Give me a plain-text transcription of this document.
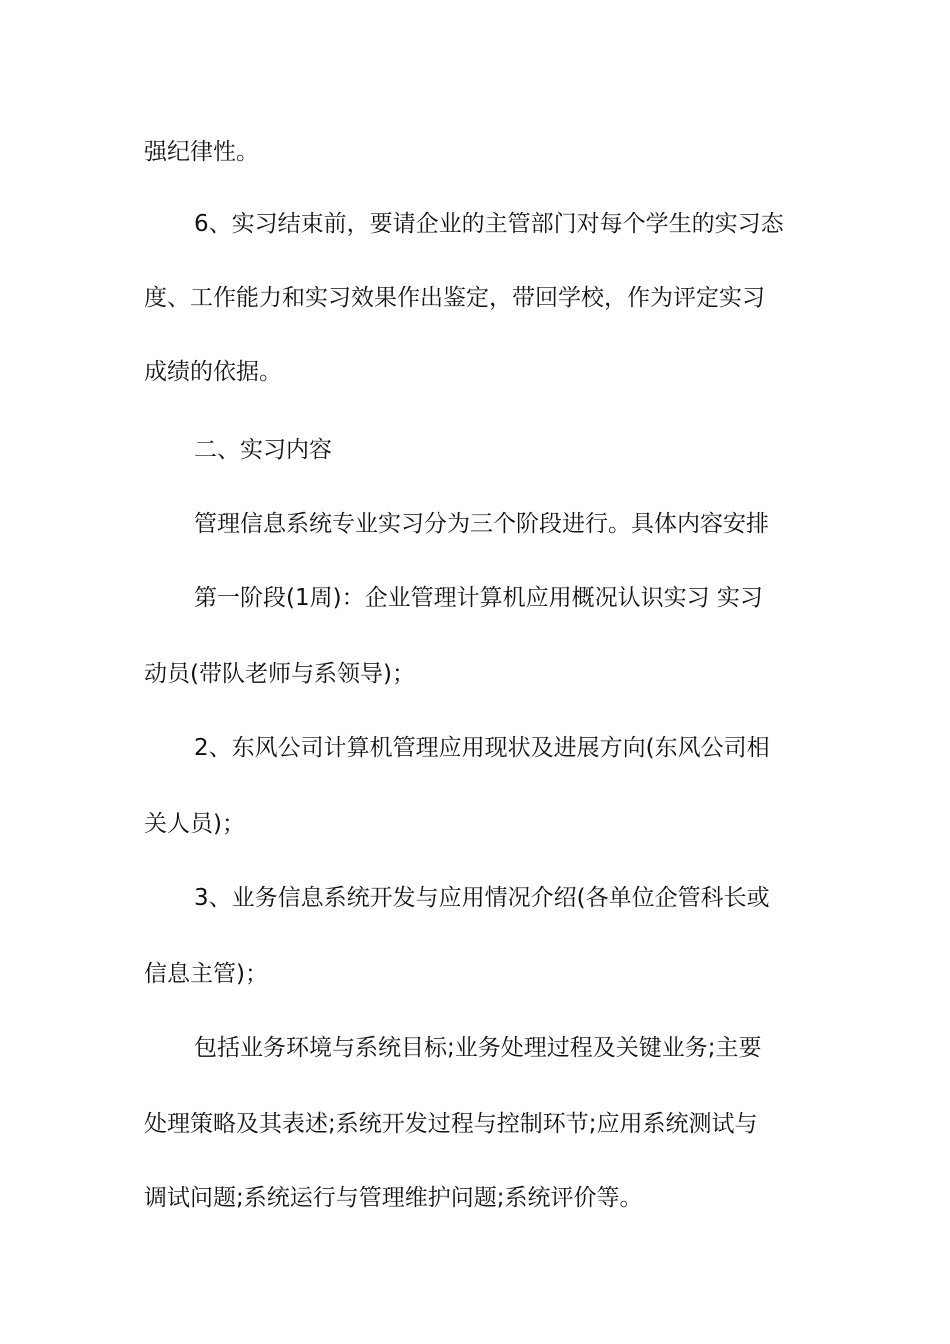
强纪律性。
6、实习结束前，要请企业的主管部门对每个学生的实习态
度、工作能力和实习效果作出鉴定，带回学校，作为评定实习
成绩的依据。
二、实习内容
管理信息系统专业实习分为三个阶段进行。具体内容安排
第一阶段(1周)：企业管理计算机应用概况认识实习 实习
动员(带队老师与系领导)；
2、东风公司计算机管理应用现状及进展方向(东风公司相
关人员)；
3、业务信息系统开发与应用情况介绍(各单位企管科长或
信息主管)；
包括业务环境与系统目标;业务处理过程及关键业务;主要
处理策略及其表述;系统开发过程与控制环节;应用系统测试与
调试问题;系统运行与管理维护问题;系统评价等。
